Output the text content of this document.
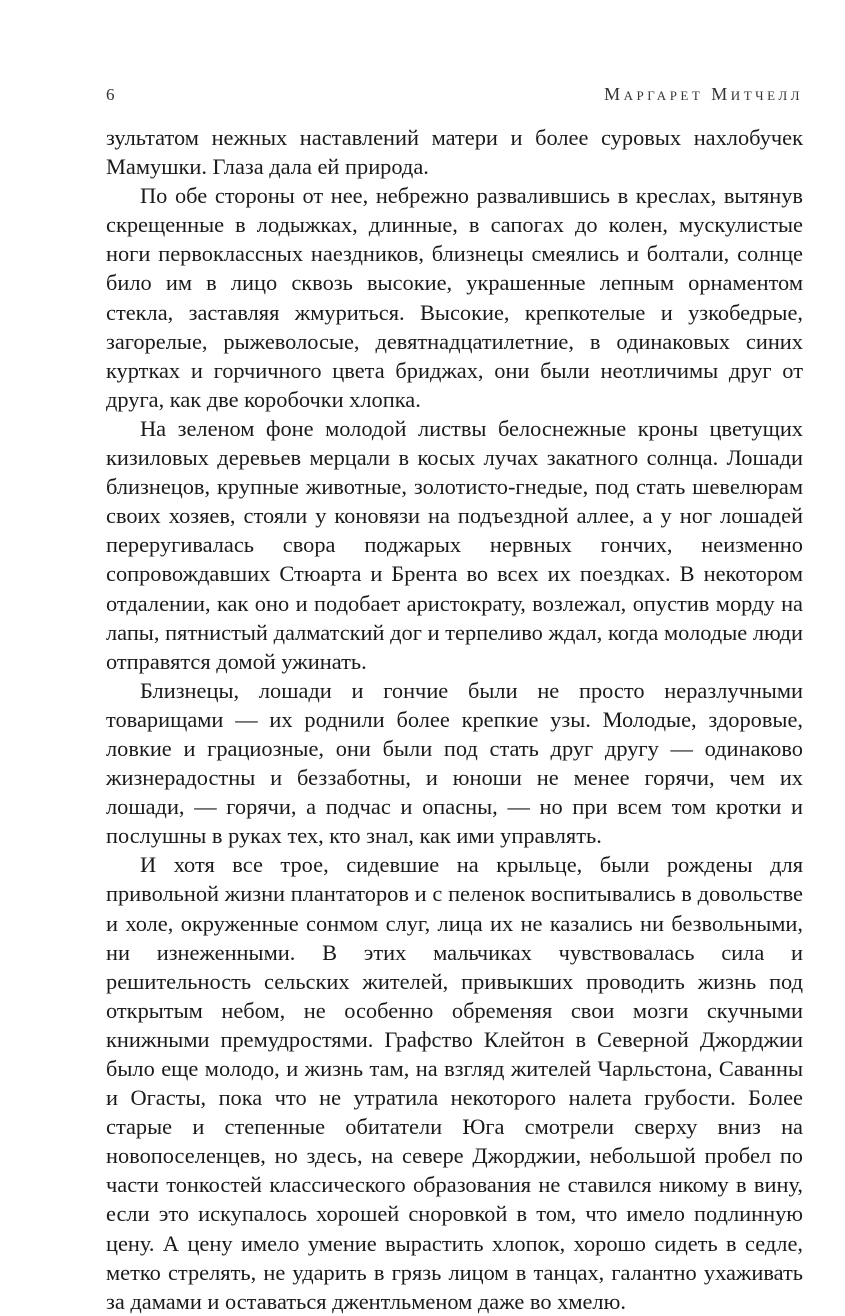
6	Маргарет Митчелл

зультатом нежных наставлений матери и более суровых нахлобучек Мамушки. Глаза дала ей природа.

По обе стороны от нее, небрежно развалившись в креслах, вытянув скрещенные в лодыжках, длинные, в сапогах до колен, мускулистые ноги первоклассных наездников, близнецы смеялись и болтали, солнце било им в лицо сквозь высокие, украшенные лепным орнаментом стекла, заставляя жмуриться. Высокие, крепкотелые и узкобедрые, загорелые, рыжеволосые, девятнадцатилетние, в одинаковых синих куртках и горчичного цвета бриджах, они были неотличимы друг от друга, как две коробочки хлопка.

На зеленом фоне молодой листвы белоснежные кроны цветущих кизиловых деревьев мерцали в косых лучах закатного солнца. Лошади близнецов, крупные животные, золотисто-гнедые, под стать шевелюрам своих хозяев, стояли у коновязи на подъездной аллее, а у ног лошадей переругивалась свора поджарых нервных гончих, неизменно сопровождавших Стюарта и Брента во всех их поездках. В некотором отдалении, как оно и подобает аристократу, возлежал, опустив морду на лапы, пятнистый далматский дог и терпеливо ждал, когда молодые люди отправятся домой ужинать.

Близнецы, лошади и гончие были не просто неразлучными товарищами — их роднили более крепкие узы. Молодые, здоровые, ловкие и грациозные, они были под стать друг другу — одинаково жизнерадостны и беззаботны, и юноши не менее горячи, чем их лошади, — горячи, а подчас и опасны, — но при всем том кротки и послушны в руках тех, кто знал, как ими управлять.

И хотя все трое, сидевшие на крыльце, были рождены для привольной жизни плантаторов и с пеленок воспитывались в довольстве и холе, окруженные сонмом слуг, лица их не казались ни безвольными, ни изнеженными. В этих мальчиках чувствовалась сила и решительность сельских жителей, привыкших проводить жизнь под открытым небом, не особенно обременяя свои мозги скучными книжными премудростями. Графство Клейтон в Северной Джорджии было еще молодо, и жизнь там, на взгляд жителей Чарльстона, Саванны и Огасты, пока что не утратила некоторого налета грубости. Более старые и степенные обитатели Юга смотрели сверху вниз на новопоселенцев, но здесь, на севере Джорджии, небольшой пробел по части тонкостей классического образования не ставился никому в вину, если это искупалось хорошей сноровкой в том, что имело подлинную цену. А цену имело умение вырастить хлопок, хорошо сидеть в седле, метко стрелять, не ударить в грязь лицом в танцах, галантно ухаживать за дамами и оставаться джентльменом даже во хмелю.
